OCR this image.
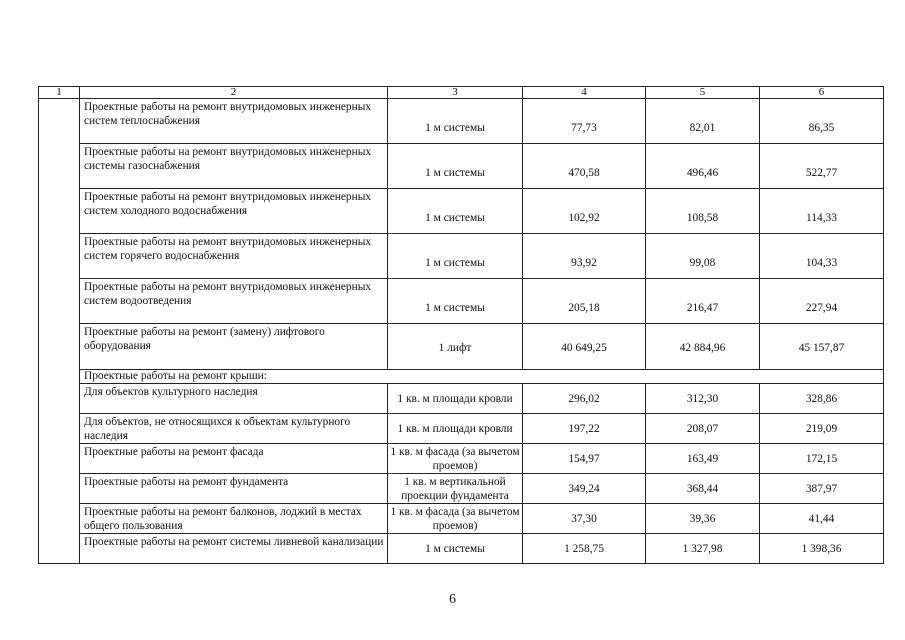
1	2	3	4	5	6
	Проектные работы на ремонт внутридомовых инженерных систем теплоснабжения	1 м системы	77,73	82,01	86,35
	Проектные работы на ремонт внутридомовых инженерных системы газоснабжения	1 м системы	470,58	496,46	522,77
	Проектные работы на ремонт внутридомовых инженерных систем холодного водоснабжения	1 м системы	102,92	108,58	114,33
	Проектные работы на ремонт внутридомовых инженерных систем горячего водоснабжения	1 м системы	93,92	99,08	104,33
	Проектные работы на ремонт внутридомовых инженерных систем водоотведения	1 м системы	205,18	216,47	227,94
	Проектные работы на ремонт (замену) лифтового оборудования	1 лифт	40 649,25	42 884,96	45 157,87
	Проектные работы на ремонт крыши:				
	Для объектов культурного наследия	1 кв. м площади кровли	296,02	312,30	328,86
	Для объектов, не относящихся к объектам культурного наследия	1 кв. м площади кровли	197,22	208,07	219,09
	Проектные работы на ремонт фасада	1 кв. м фасада (за вычетом проемов)	154,97	163,49	172,15
	Проектные работы на ремонт фундамента	1 кв. м вертикальной проекции фундамента	349,24	368,44	387,97
	Проектные работы на ремонт балконов, лоджий в местах общего пользования	1 кв. м фасада (за вычетом проемов)	37,30	39,36	41,44
	Проектные работы на ремонт системы ливневой канализации	1 м системы	1 258,75	1 327,98	1 398,36
6
